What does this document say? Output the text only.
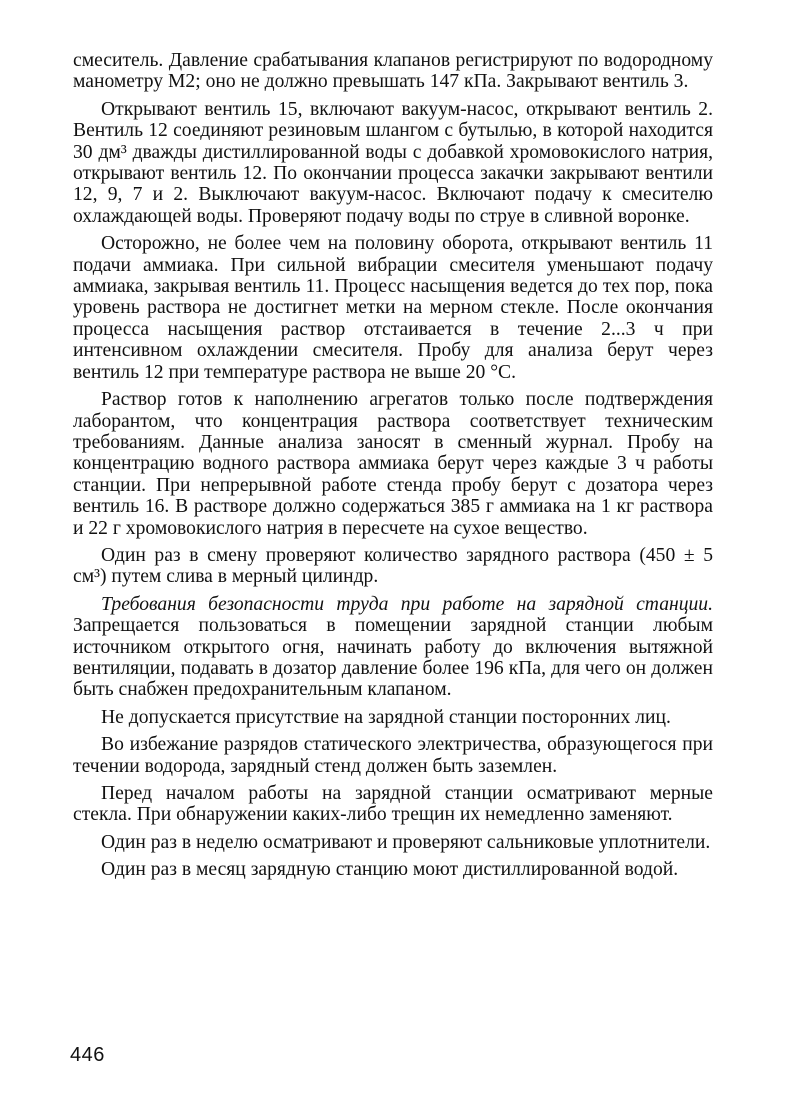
смеситель. Давление срабатывания клапанов регистрируют по водородному манометру М2; оно не должно превышать 147 кПа. Закрывают вентиль 3.

Открывают вентиль 15, включают вакуум-насос, открывают вентиль 2. Вентиль 12 соединяют резиновым шлангом с бутылью, в которой находится 30 дм³ дважды дистиллированной воды с добавкой хромовокислого натрия, открывают вентиль 12. По окончании процесса закачки закрывают вентили 12, 9, 7 и 2. Выключают вакуум-насос. Включают подачу к смесителю охлаждающей воды. Проверяют подачу воды по струе в сливной воронке.

Осторожно, не более чем на половину оборота, открывают вентиль 11 подачи аммиака. При сильной вибрации смесителя уменьшают подачу аммиака, закрывая вентиль 11. Процесс насыщения ведется до тех пор, пока уровень раствора не достигнет метки на мерном стекле. После окончания процесса насыщения раствор отстаивается в течение 2...3 ч при интенсивном охлаждении смесителя. Пробу для анализа берут через вентиль 12 при температуре раствора не выше 20 °С.

Раствор готов к наполнению агрегатов только после подтверждения лаборантом, что концентрация раствора соответствует техническим требованиям. Данные анализа заносят в сменный журнал. Пробу на концентрацию водного раствора аммиака берут через каждые 3 ч работы станции. При непрерывной работе стенда пробу берут с дозатора через вентиль 16. В растворе должно содержаться 385 г аммиака на 1 кг раствора и 22 г хромовокислого натрия в пересчете на сухое вещество.

Один раз в смену проверяют количество зарядного раствора (450 ± 5 см³) путем слива в мерный цилиндр.

Требования безопасности труда при работе на зарядной станции. Запрещается пользоваться в помещении зарядной станции любым источником открытого огня, начинать работу до включения вытяжной вентиляции, подавать в дозатор давление более 196 кПа, для чего он должен быть снабжен предохранительным клапаном.

Не допускается присутствие на зарядной станции посторонних лиц.

Во избежание разрядов статического электричества, образующегося при течении водорода, зарядный стенд должен быть заземлен.

Перед началом работы на зарядной станции осматривают мерные стекла. При обнаружении каких-либо трещин их немедленно заменяют.

Один раз в неделю осматривают и проверяют сальниковые уплотнители.

Один раз в месяц зарядную станцию моют дистиллированной водой.

446
